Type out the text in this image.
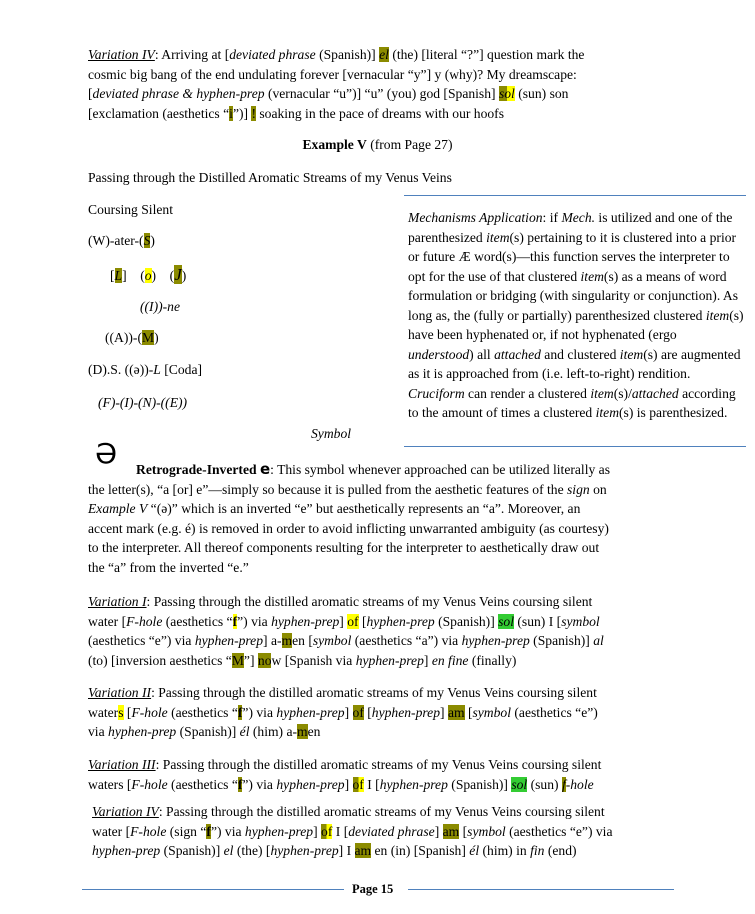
Variation IV: Arriving at [deviated phrase (Spanish)] el (the) [literal “?”] question mark the
cosmic big bang of the end undulating forever [vernacular “y”] y (why)? My dreamscape:
[deviated phrase & hyphen-prep (vernacular “u”)] “u” (you) god [Spanish] sol (sun) son
[exclamation (aesthetics “i”)] ! soaking in the pace of dreams with our hoofs
Example V (from Page 27)
Passing through the Distilled Aromatic Streams of my Venus Veins
Coursing Silent
(W)-ater-(S)
[L]    (o)    (J)
((I))-ne
((A))-(M)
(D).S. ((ə))-L [Coda]
(F)-(I)-(N)-((E))
Symbol
Mechanisms Application: if Mech. is utilized and one of the parenthesized item(s) pertaining to it is clustered into a prior or future Æ word(s)—this function serves the interpreter to opt for the use of that clustered item(s) as a means of word formulation or bridging (with singularity or conjunction). As long as, the (fully or partially) parenthesized clustered item(s) have been hyphenated or, if not hyphenated (ergo understood) all attached and clustered item(s) are augmented as it is approached from (i.e. left-to-right) rendition. Cruciform can render a clustered item(s)/attached according to the amount of times a clustered item(s) is parenthesized.
Ə	Retrograde-Inverted e: This symbol whenever approached can be utilized literally as
the letter(s), “a [or] e”—simply so because it is pulled from the aesthetic features of the sign on
Example V “(ə)” which is an inverted “e” but aesthetically represents an “a”. Moreover, an
accent mark (e.g. é) is removed in order to avoid inflicting unwarranted ambiguity (as courtesy)
to the interpreter. All thereof components resulting for the interpreter to aesthetically draw out
the “a” from the inverted “e.”
Variation I: Passing through the distilled aromatic streams of my Venus Veins coursing silent
water [F-hole (aesthetics “f”) via hyphen-prep] of [hyphen-prep (Spanish)] sol (sun) I [symbol
(aesthetics “e”) via hyphen-prep] a-men [symbol (aesthetics “a”) via hyphen-prep (Spanish)] al
(to) [inversion aesthetics “M”] now [Spanish via hyphen-prep] en fine (finally)
Variation II: Passing through the distilled aromatic streams of my Venus Veins coursing silent
waters [F-hole (aesthetics “f”) via hyphen-prep] of [hyphen-prep] am [symbol (aesthetics “e”)
via hyphen-prep (Spanish)] él (him) a-men
Variation III: Passing through the distilled aromatic streams of my Venus Veins coursing silent
waters [F-hole (aesthetics “f”) via hyphen-prep] of I [hyphen-prep (Spanish)] sol (sun) f-hole
Variation IV: Passing through the distilled aromatic streams of my Venus Veins coursing silent
water [F-hole (sign “f”) via hyphen-prep] of I [deviated phrase] am [symbol (aesthetics “e”) via
hyphen-prep (Spanish)] el (the) [hyphen-prep] I am en (in) [Spanish] él (him) in fin (end)
Page 15
